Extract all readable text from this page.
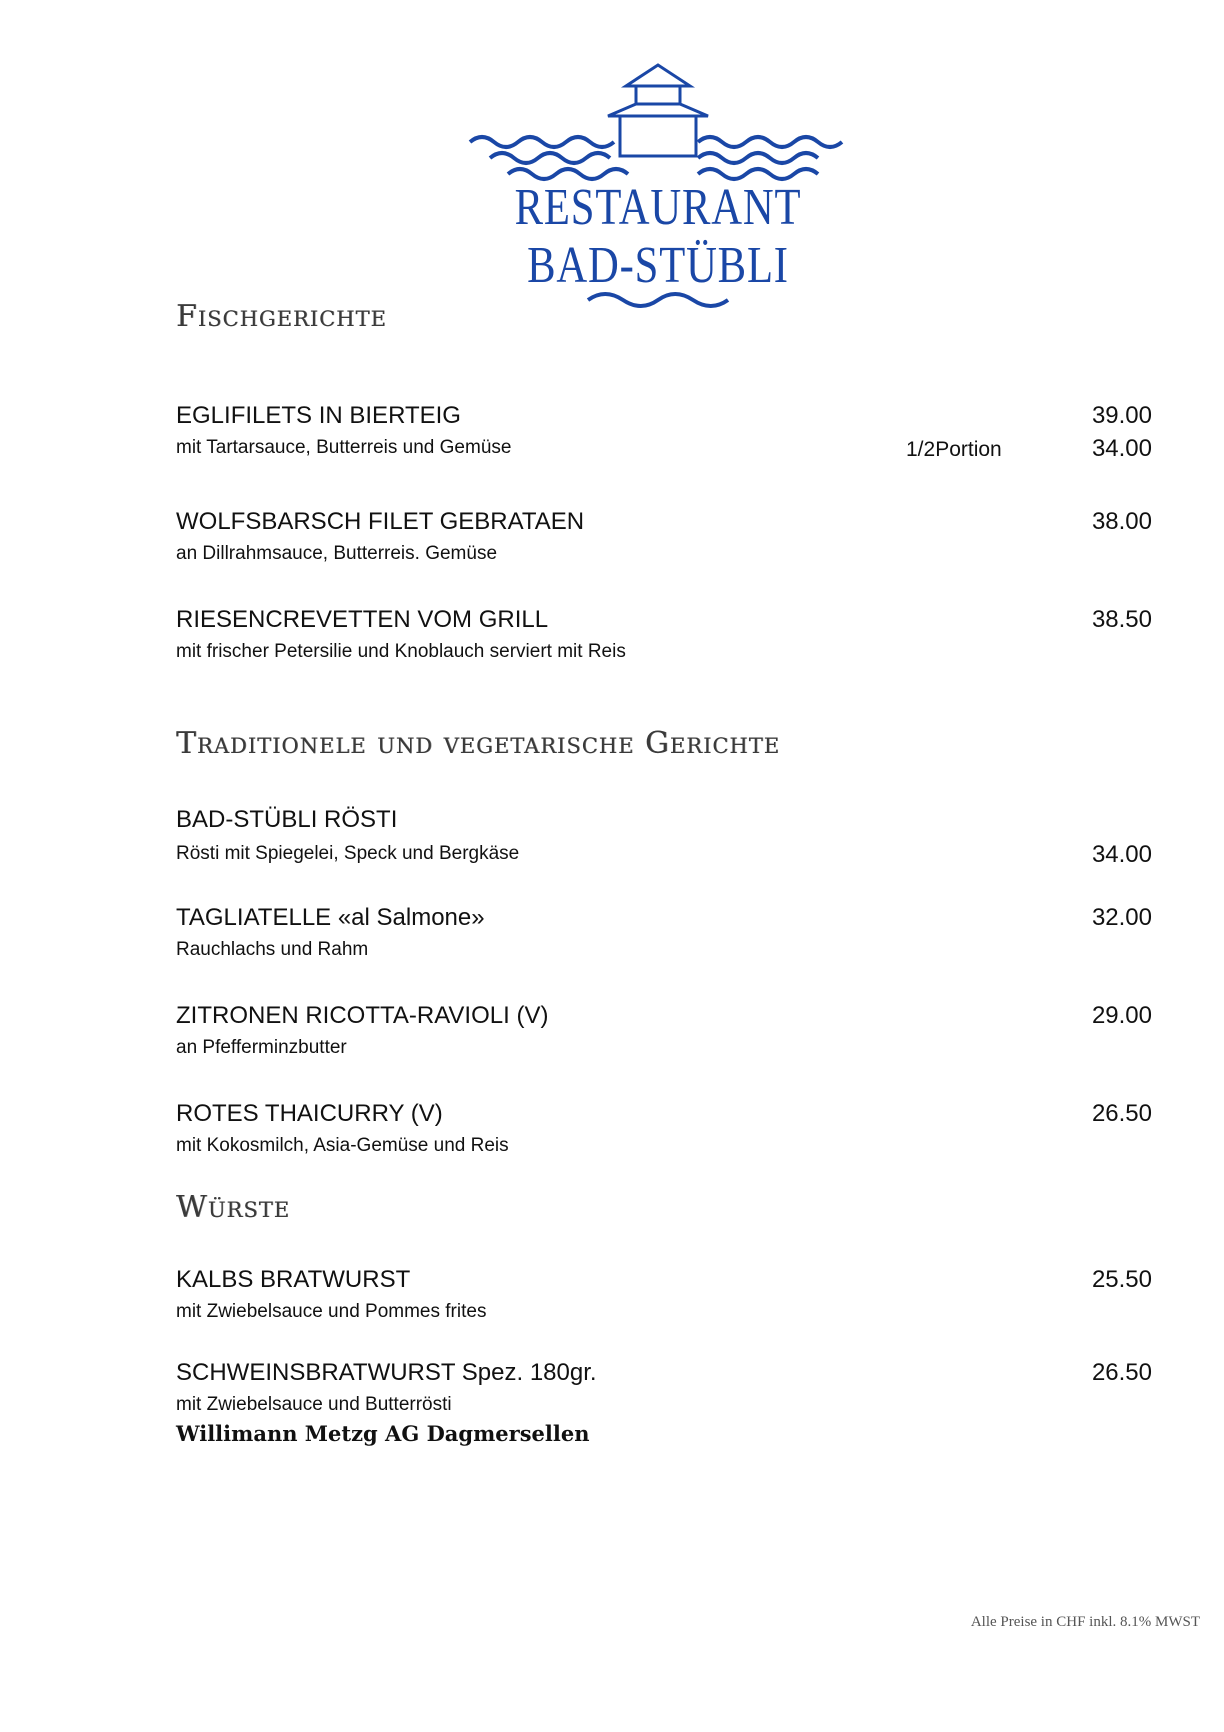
RESTAURANT
BAD-STÜBLI
Fischgerichte
EGLIFILETS IN BIERTEIG
mit Tartarsauce, Butterreis und Gemüse	1/2Portion
39.00
34.00
WOLFSBARSCH FILET GEBRATAEN
an Dillrahmsauce, Butterreis. Gemüse
38.00
RIESENCREVETTEN VOM GRILL
mit frischer Petersilie und Knoblauch serviert mit Reis
38.50
Traditionele und vegetarische Gerichte
BAD-STÜBLI RÖSTI
Rösti mit Spiegelei, Speck und Bergkäse	34.00
TAGLIATELLE «al Salmone»
Rauchlachs und Rahm
32.00
ZITRONEN RICOTTA-RAVIOLI (V)
an Pfefferminzbutter
29.00
ROTES THAICURRY (V)
mit Kokosmilch, Asia-Gemüse und Reis
26.50
Würste
KALBS BRATWURST
mit Zwiebelsauce und Pommes frites
25.50
SCHWEINSBRATWURST Spez. 180gr.
mit Zwiebelsauce und Butterrösti
Willimann Metzg AG Dagmersellen
26.50
Alle Preise in CHF inkl. 8.1% MWST
